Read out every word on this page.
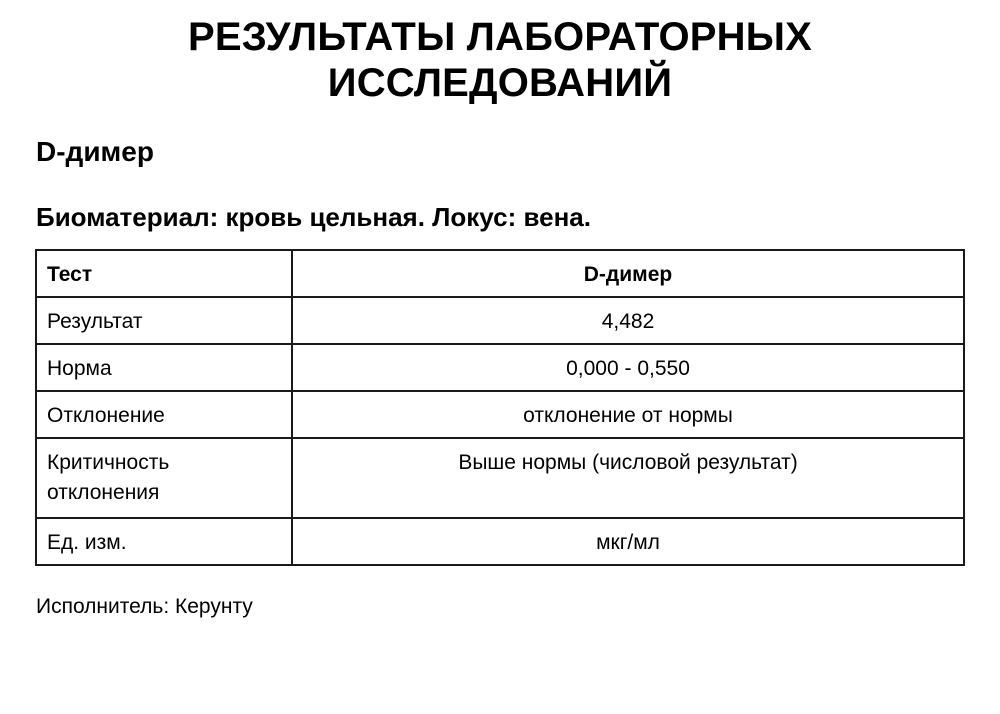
РЕЗУЛЬТАТЫ ЛАБОРАТОРНЫХ
ИССЛЕДОВАНИЙ
D-димер
Биоматериал: кровь цельная. Локус: вена.
Тест	D-димер
Результат	4,482
Норма	0,000 - 0,550
Отклонение	отклонение от нормы
Критичность отклонения	Выше нормы (числовой результат)
Ед. изм.	мкг/мл
Исполнитель: Керунту
